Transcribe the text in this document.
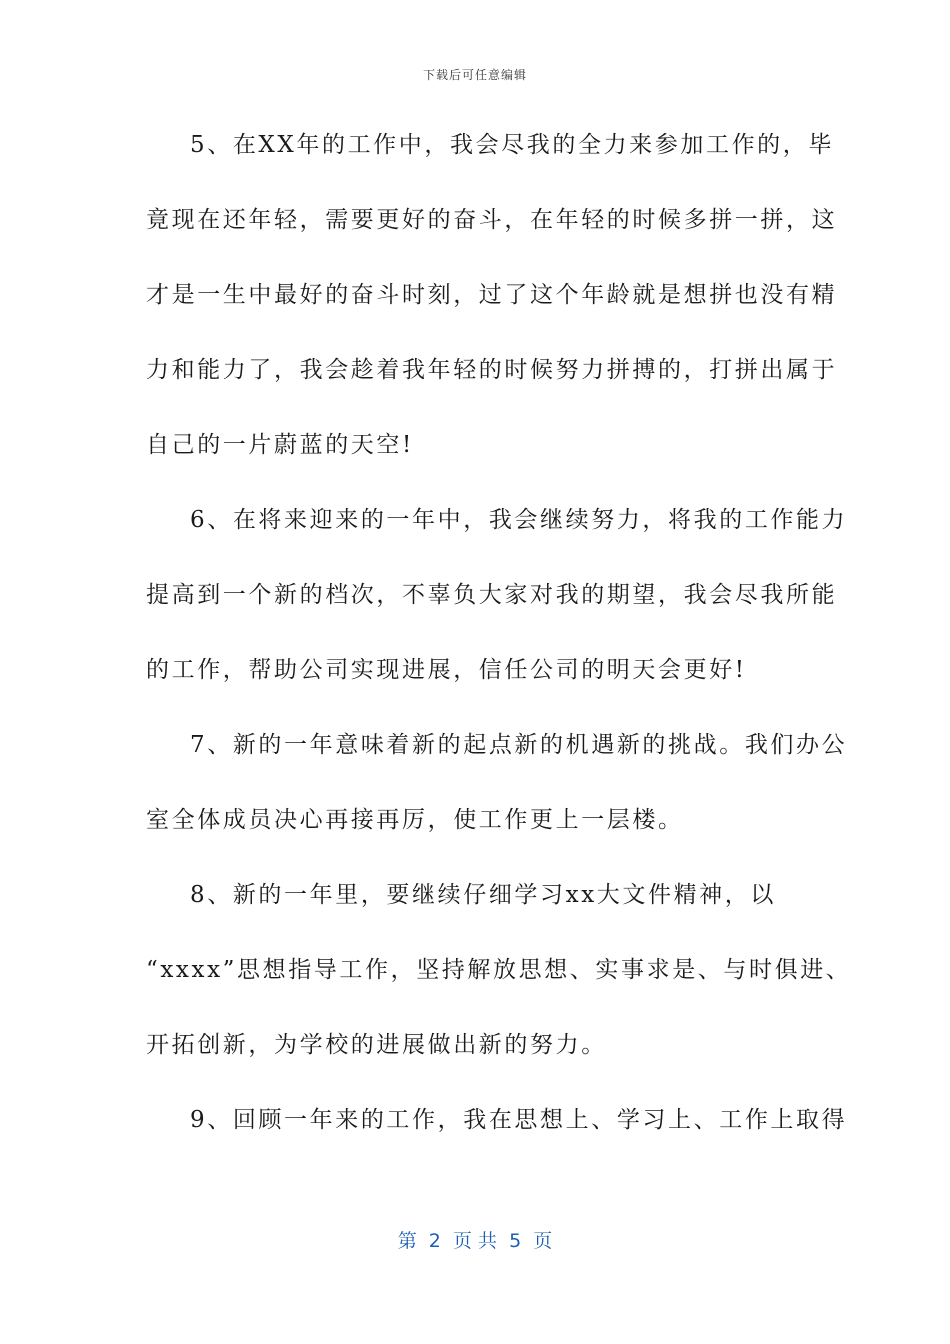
下载后可任意编辑
5、在XX年的工作中，我会尽我的全力来参加工作的，毕
竟现在还年轻，需要更好的奋斗，在年轻的时候多拼一拼，这
才是一生中最好的奋斗时刻，过了这个年龄就是想拼也没有精
力和能力了，我会趁着我年轻的时候努力拼搏的，打拼出属于
自己的一片蔚蓝的天空!
6、在将来迎来的一年中，我会继续努力，将我的工作能力
提高到一个新的档次，不辜负大家对我的期望，我会尽我所能
的工作，帮助公司实现进展，信任公司的明天会更好!
7、新的一年意味着新的起点新的机遇新的挑战。我们办公
室全体成员决心再接再厉，使工作更上一层楼。
8、新的一年里，要继续仔细学习xx大文件精神，以
“xxxx”思想指导工作，坚持解放思想、实事求是、与时俱进、
开拓创新，为学校的进展做出新的努力。
9、回顾一年来的工作，我在思想上、学习上、工作上取得
第  2  页 共  5  页
